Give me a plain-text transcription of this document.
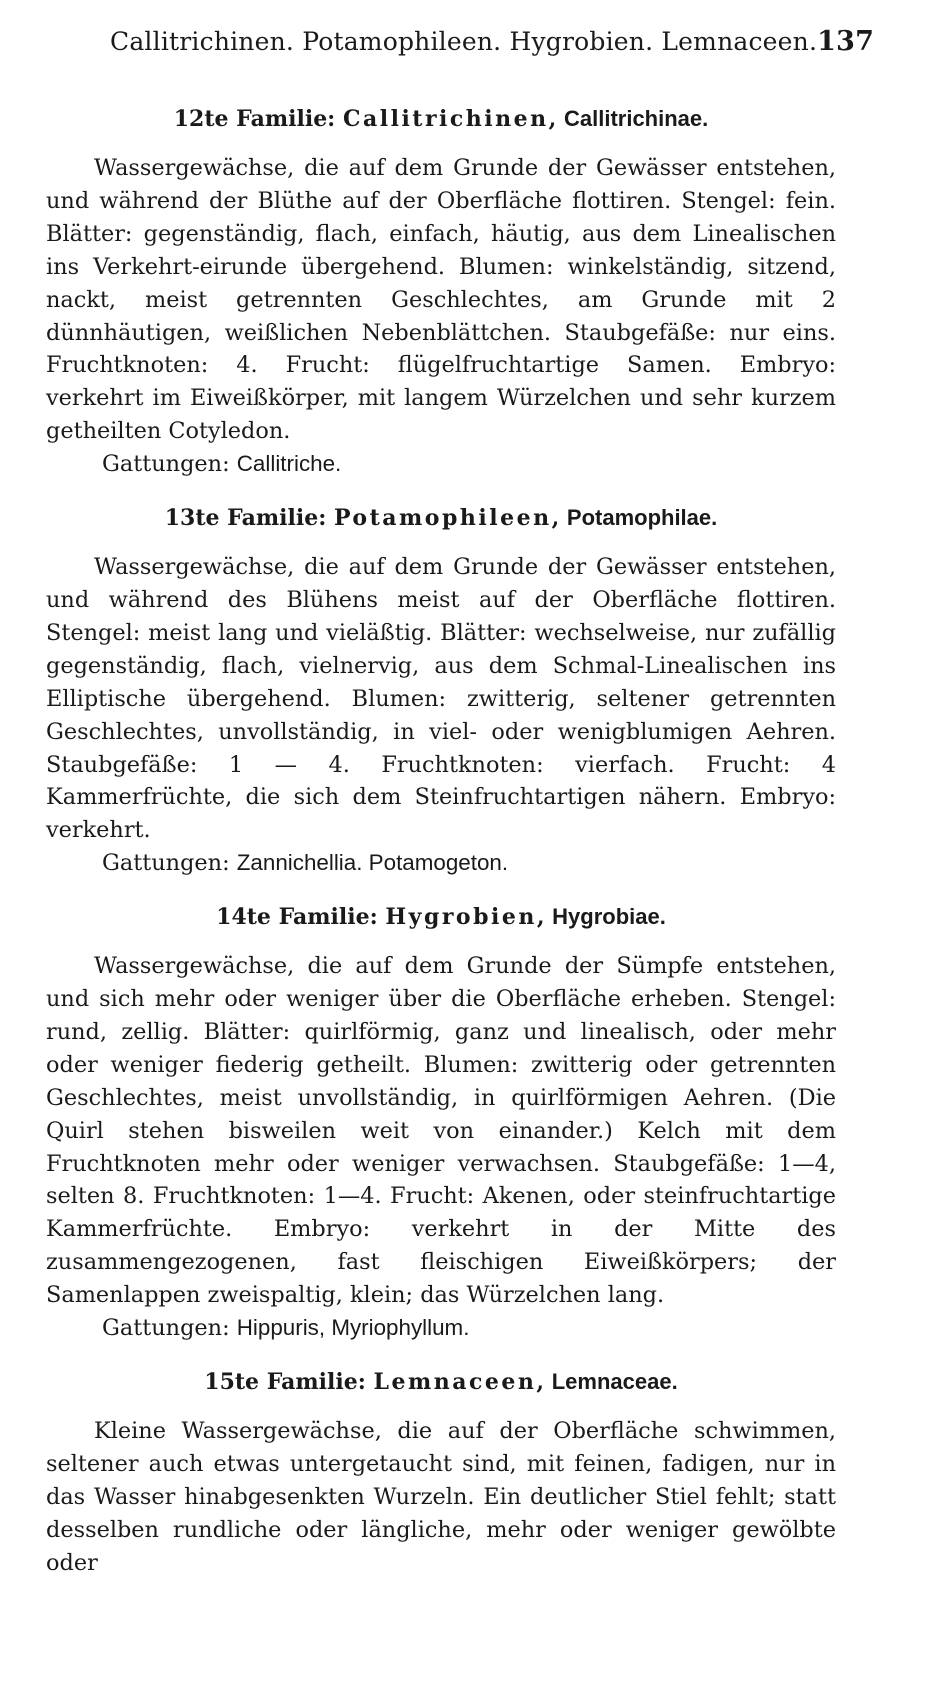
Callitrichinen. Potamophileen. Hygrobien. Lemnaceen. 137
12te Familie: Callitrichinen, Callitrichinae.

Wassergewächse, die auf dem Grunde der Gewässer entstehen, und während der Blüthe auf der Oberfläche flottiren. Stengel: fein. Blätter: gegenständig, flach, einfach, häutig, aus dem Linealischen ins Verkehrt-eirunde übergehend. Blumen: winkelständig, sitzend, nackt, meist getrennten Geschlechtes, am Grunde mit 2 dünnhäutigen, weißlichen Nebenblättchen. Staubgefäße: nur eins. Fruchtknoten: 4. Frucht: flügelfruchtartige Samen. Embryo: verkehrt im Eiweißkörper, mit langem Würzelchen und sehr kurzem getheilten Cotyledon.

Gattungen: Callitriche.

13te Familie: Potamophileen, Potamophilae.

Wassergewächse, die auf dem Grunde der Gewässer entstehen, und während des Blühens meist auf der Oberfläche flottiren. Stengel: meist lang und vieläßtig. Blätter: wechselweise, nur zufällig gegenständig, flach, vielnervig, aus dem Schmal-Linealischen ins Elliptische übergehend. Blumen: zwitterig, seltener getrennten Geschlechtes, unvollständig, in viel- oder wenigblumigen Aehren. Staubgefäße: 1 — 4. Fruchtknoten: vierfach. Frucht: 4 Kammerfrüchte, die sich dem Steinfruchtartigen nähern. Embryo: verkehrt.

Gattungen: Zannichellia. Potamogeton.

14te Familie: Hygrobien, Hygrobiae.

Wassergewächse, die auf dem Grunde der Sümpfe entstehen, und sich mehr oder weniger über die Oberfläche erheben. Stengel: rund, zellig. Blätter: quirlförmig, ganz und linealisch, oder mehr oder weniger fiederig getheilt. Blumen: zwitterig oder getrennten Geschlechtes, meist unvollständig, in quirlförmigen Aehren. (Die Quirl stehen bisweilen weit von einander.) Kelch mit dem Fruchtknoten mehr oder weniger verwachsen. Staubgefäße: 1—4, selten 8. Fruchtknoten: 1—4. Frucht: Akenen, oder steinfruchtartige Kammerfrüchte. Embryo: verkehrt in der Mitte des zusammengezogenen, fast fleischigen Eiweißkörpers; der Samenlappen zweispaltig, klein; das Würzelchen lang.

Gattungen: Hippuris, Myriophyllum.

15te Familie: Lemnaceen, Lemnaceae.

Kleine Wassergewächse, die auf der Oberfläche schwimmen, seltener auch etwas untergetaucht sind, mit feinen, fadigen, nur in das Wasser hinabgesenkten Wurzeln. Ein deutlicher Stiel fehlt; statt desselben rundliche oder längliche, mehr oder weniger gewölbte oder
